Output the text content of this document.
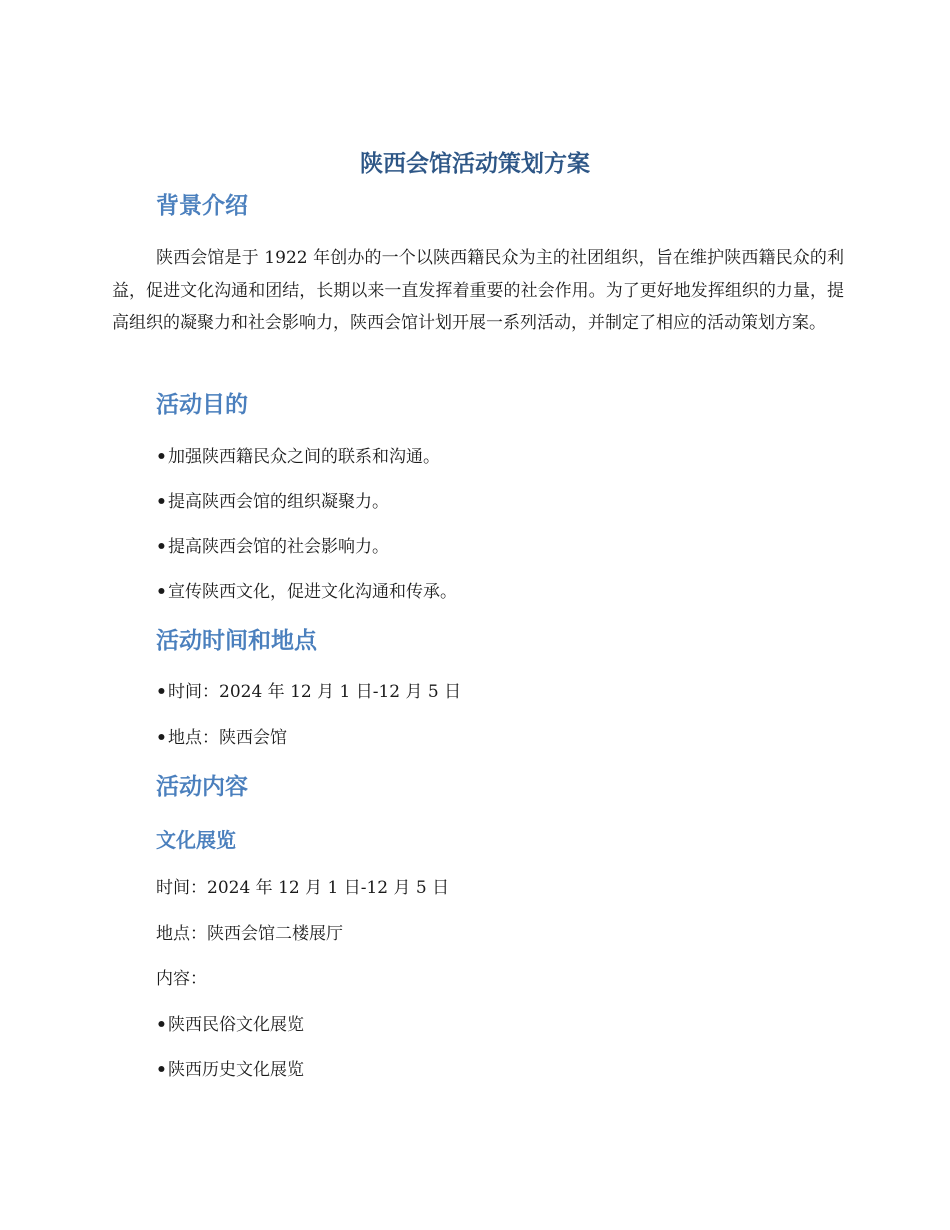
陕西会馆活动策划方案
背景介绍

陕西会馆是于 1922 年创办的一个以陕西籍民众为主的社团组织，旨在维护陕西籍民众的利益，促进文化沟通和团结，长期以来一直发挥着重要的社会作用。为了更好地发挥组织的力量，提高组织的凝聚力和社会影响力，陕西会馆计划开展一系列活动，并制定了相应的活动策划方案。

活动目的
•加强陕西籍民众之间的联系和沟通。
•提高陕西会馆的组织凝聚力。
•提高陕西会馆的社会影响力。
•宣传陕西文化，促进文化沟通和传承。
活动时间和地点
•时间：2024 年 12 月 1 日-12 月 5 日
•地点：陕西会馆
活动内容
文化展览
时间：2024 年 12 月 1 日-12 月 5 日
地点：陕西会馆二楼展厅
内容：
•陕西民俗文化展览
•陕西历史文化展览
